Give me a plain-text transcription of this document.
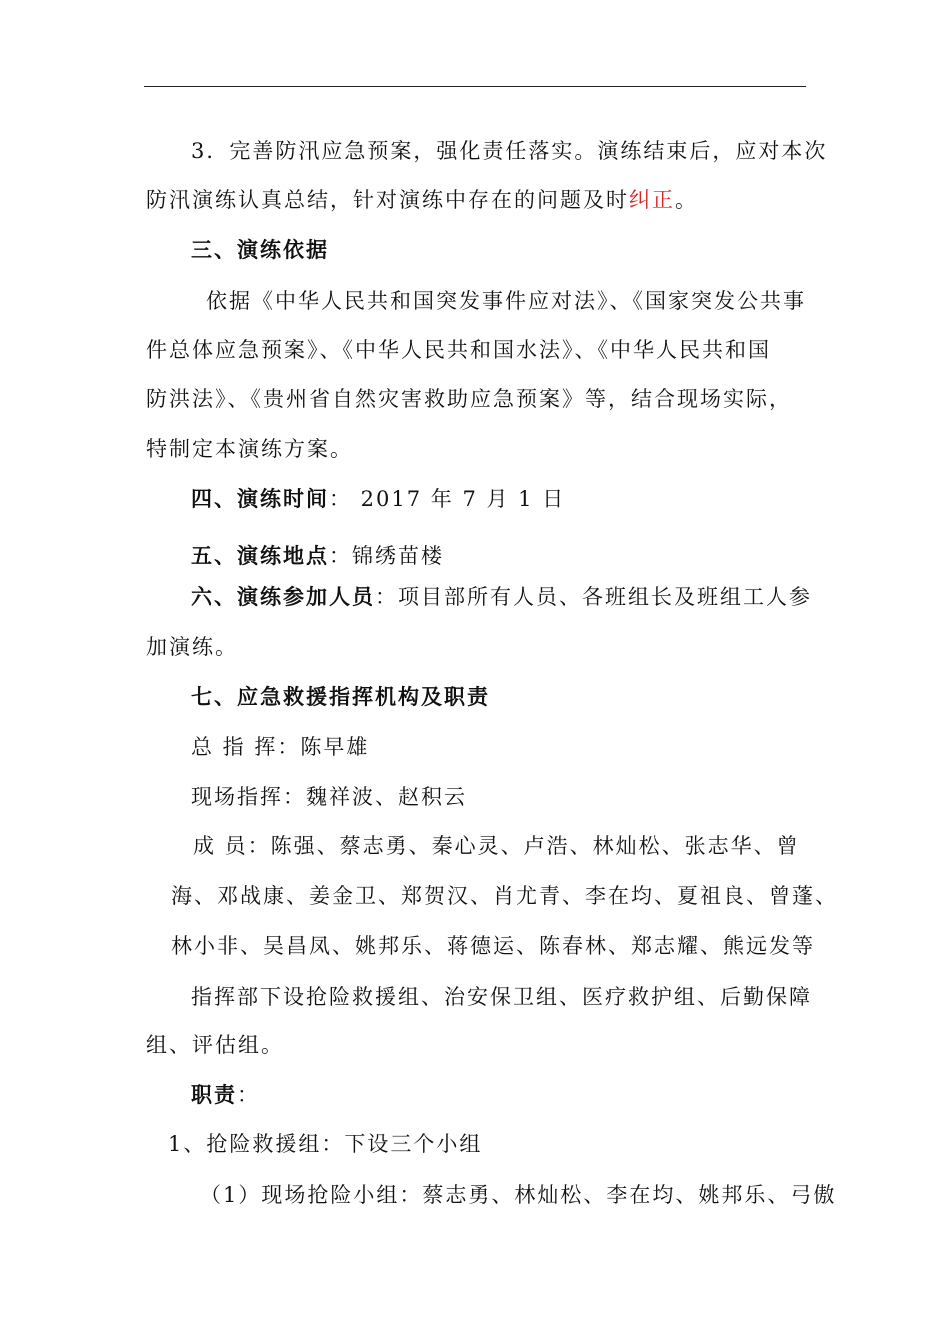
3．完善防汛应急预案，强化责任落实。演练结束后，应对本次
防汛演练认真总结，针对演练中存在的问题及时纠正。
三、演练依据
依据《中华人民共和国突发事件应对法》、《国家突发公共事
件总体应急预案》、《中华人民共和国水法》、《中华人民共和国
防洪法》、《贵州省自然灾害救助应急预案》等，结合现场实际，
特制定本演练方案。
四、演练时间： 2017 年 7 月 1 日
五、演练地点：锦绣苗楼
六、演练参加人员：项目部所有人员、各班组长及班组工人参
加演练。
七、应急救援指挥机构及职责
总 指 挥：陈早雄
现场指挥：魏祥波、赵积云
成 员：陈强、蔡志勇、秦心灵、卢浩、林灿松、张志华、曾
海、邓战康、姜金卫、郑贺汉、肖尤青、李在均、夏祖良、曾蓬、
林小非、吴昌凤、姚邦乐、蒋德运、陈春林、郑志耀、熊远发等
指挥部下设抢险救援组、治安保卫组、医疗救护组、后勤保障
组、评估组。
职责：
1、抢险救援组：下设三个小组
（1）现场抢险小组：蔡志勇、林灿松、李在均、姚邦乐、弓傲
